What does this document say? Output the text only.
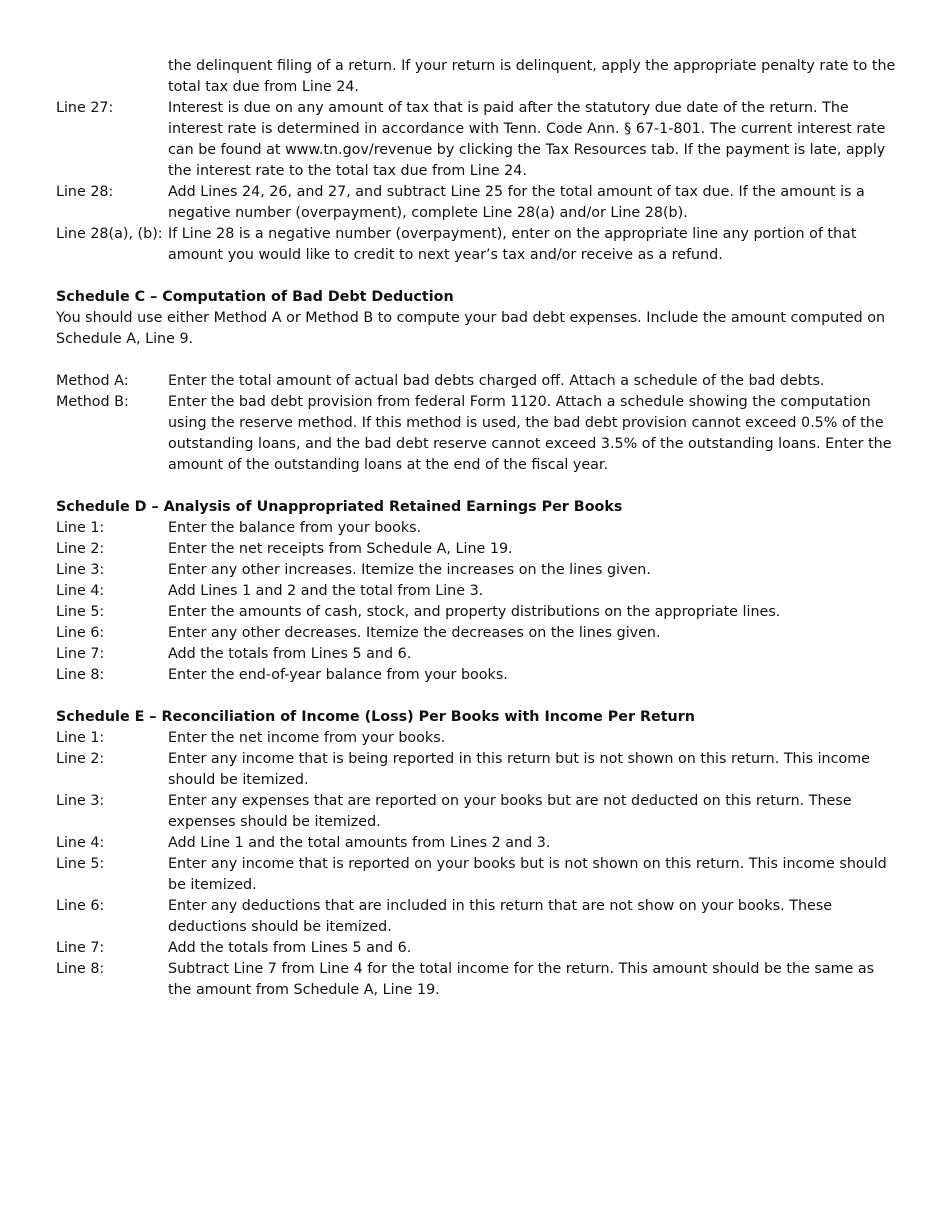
the delinquent filing of a return. If your return is delinquent, apply the appropriate penalty rate to the total tax due from Line 24.
Line 27:	Interest is due on any amount of tax that is paid after the statutory due date of the return. The interest rate is determined in accordance with Tenn. Code Ann. § 67-1-801. The current interest rate can be found at www.tn.gov/revenue by clicking the Tax Resources tab. If the payment is late, apply the interest rate to the total tax due from Line 24.
Line 28:	Add Lines 24, 26, and 27, and subtract Line 25 for the total amount of tax due. If the amount is a negative number (overpayment), complete Line 28(a) and/or Line 28(b).
Line 28(a), (b): If Line 28 is a negative number (overpayment), enter on the appropriate line any portion of that amount you would like to credit to next year’s tax and/or receive as a refund.
Schedule C – Computation of Bad Debt Deduction
You should use either Method A or Method B to compute your bad debt expenses. Include the amount computed on Schedule A, Line 9.
Method A:	Enter the total amount of actual bad debts charged off. Attach a schedule of the bad debts.
Method B:	Enter the bad debt provision from federal Form 1120. Attach a schedule showing the computation using the reserve method. If this method is used, the bad debt provision cannot exceed 0.5% of the outstanding loans, and the bad debt reserve cannot exceed 3.5% of the outstanding loans. Enter the amount of the outstanding loans at the end of the fiscal year.
Schedule D – Analysis of Unappropriated Retained Earnings Per Books
Line 1:	Enter the balance from your books.
Line 2:	Enter the net receipts from Schedule A, Line 19.
Line 3:	Enter any other increases. Itemize the increases on the lines given.
Line 4:	Add Lines 1 and 2 and the total from Line 3.
Line 5:	Enter the amounts of cash, stock, and property distributions on the appropriate lines.
Line 6:	Enter any other decreases. Itemize the decreases on the lines given.
Line 7:	Add the totals from Lines 5 and 6.
Line 8:	Enter the end-of-year balance from your books.
Schedule E – Reconciliation of Income (Loss) Per Books with Income Per Return
Line 1:	Enter the net income from your books.
Line 2:	Enter any income that is being reported in this return but is not shown on this return. This income should be itemized.
Line 3:	Enter any expenses that are reported on your books but are not deducted on this return. These expenses should be itemized.
Line 4:	Add Line 1 and the total amounts from Lines 2 and 3.
Line 5:	Enter any income that is reported on your books but is not shown on this return. This income should be itemized.
Line 6:	Enter any deductions that are included in this return that are not show on your books. These deductions should be itemized.
Line 7:	Add the totals from Lines 5 and 6.
Line 8:	Subtract Line 7 from Line 4 for the total income for the return. This amount should be the same as the amount from Schedule A, Line 19.
